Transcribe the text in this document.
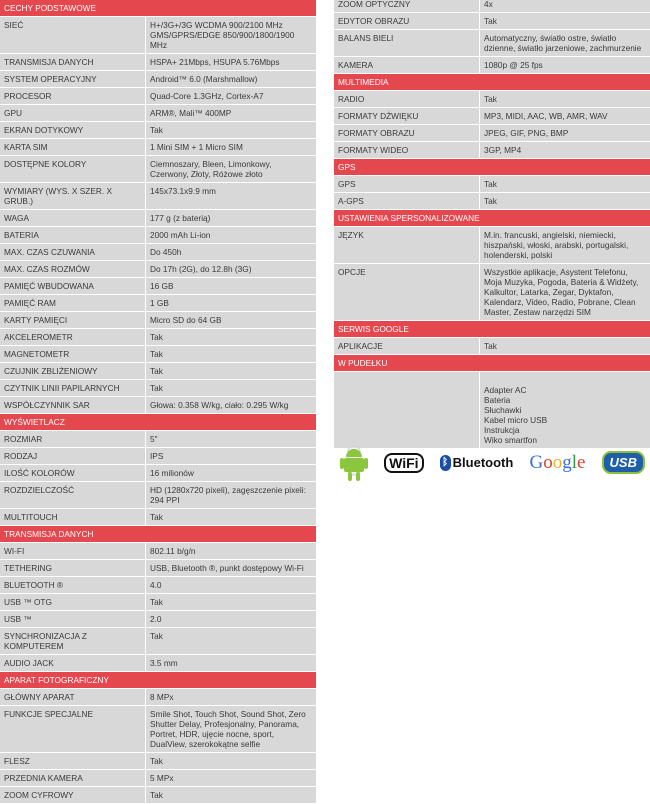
CECHY PODSTAWOWE
SIEĆ	H+/3G+/3G WCDMA 900/2100 MHz
GMS/GPRS/EDGE 850/900/1800/1900 MHz
TRANSMISJA DANYCH	HSPA+ 21Mbps, HSUPA 5.76Mbps
SYSTEM OPERACYJNY	Android™ 6.0 (Marshmallow)
PROCESOR	Quad-Core 1.3GHz, Cortex-A7
GPU	ARM®, Mali™ 400MP
EKRAN DOTYKOWY	Tak
KARTA SIM	1 Mini SIM + 1 Micro SIM
DOSTĘPNE KOLORY	Ciemnoszary, Bleen, Limonkowy,
Czerwony, Złoty, Różowe złoto
WYMIARY (WYS. X SZER. X GRUB.)
145x73.1x9.9 mm
WAGA	177 g (z baterią)
BATERIA	2000 mAh Li-ion
MAX. CZAS CZUWANIA	Do 450h
MAX. CZAS ROZMÓW	Do 17h (2G), do 12.8h (3G)
PAMIĘĆ WBUDOWANA	16 GB
PAMIĘĆ RAM	1 GB
KARTY PAMIĘCI	Micro SD do 64 GB
AKCELEROMETR	Tak
MAGNETOMETR	Tak
CZUJNIK ZBLIŻENIOWY	Tak
CZYTNIK LINII PAPILARNYCH	Tak
WSPÓŁCZYNNIK SAR	Głowa: 0.358 W/kg, ciało: 0.295 W/kg
WYŚWIETLACZ
ROZMIAR	5"
RODZAJ	IPS
ILOŚĆ KOLORÓW	16 milionów
ROZDZIELCZOŚĆ	HD (1280x720 pixeli), zagęszczenie pixeli:
294 PPI
MULTITOUCH	Tak
TRANSMISJA DANYCH
WI-FI	802.11 b/g/n
TETHERING	USB, Bluetooth ®, punkt dostępowy Wi-Fi
BLUETOOTH ®	4.0
USB ™ OTG	Tak
USB ™	2.0
SYNCHRONIZACJA Z KOMPUTEREM
Tak
AUDIO JACK	3.5 mm
APARAT FOTOGRAFICZNY
GŁÓWNY APARAT	8 MPx
FUNKCJE SPECJALNE	Smile Shot, Touch Shot, Sound Shot, Zero
Shutter Delay, Profesjonalny, Panorama,
Portret, HDR, ujęcie nocne, sport,
DualView, szerokokątne selfie
FLESZ	Tak
PRZEDNIA KAMERA	5 MPx
ZOOM CYFROWY	Tak
ZOOM OPTYCZNY	4x
EDYTOR OBRAZU	Tak
BALANS BIELI	Automatyczny, światło ostre, światło
dzienne, światło jarzeniowe, zachmurzenie
KAMERA	1080p @ 25 fps
MULTIMEDIA
RADIO	Tak
FORMATY DŹWIĘKU	MP3, MIDI, AAC, WB, AMR, WAV
FORMATY OBRAZU	JPEG, GIF, PNG, BMP
FORMATY WIDEO	3GP, MP4
GPS
GPS	Tak
A-GPS	Tak
USTAWIENIA SPERSONALIZOWANE
JĘZYK	M.in. francuski, angielski, niemiecki,
hiszpański, włoski, arabski, portugalski,
holenderski, polski
OPCJE	Wszystkie aplikacje, Asystent Telefonu,
Moja Muzyka, Pogoda, Bateria & Widżety,
Kalkultor, Latarka, Zegar, Dyktafon,
Kalendarz, Video, Radio, Pobrane, Clean
Master, Zestaw narzędzi SIM
SERWIS GOOGLE
APLIKACJE	Tak
W PUDEŁKU

Adapter AC
Bateria
Słuchawki
Kabel micro USB
Instrukcja
Wiko smartfon
WiFi	ᛒ Bluetooth Google	USB
